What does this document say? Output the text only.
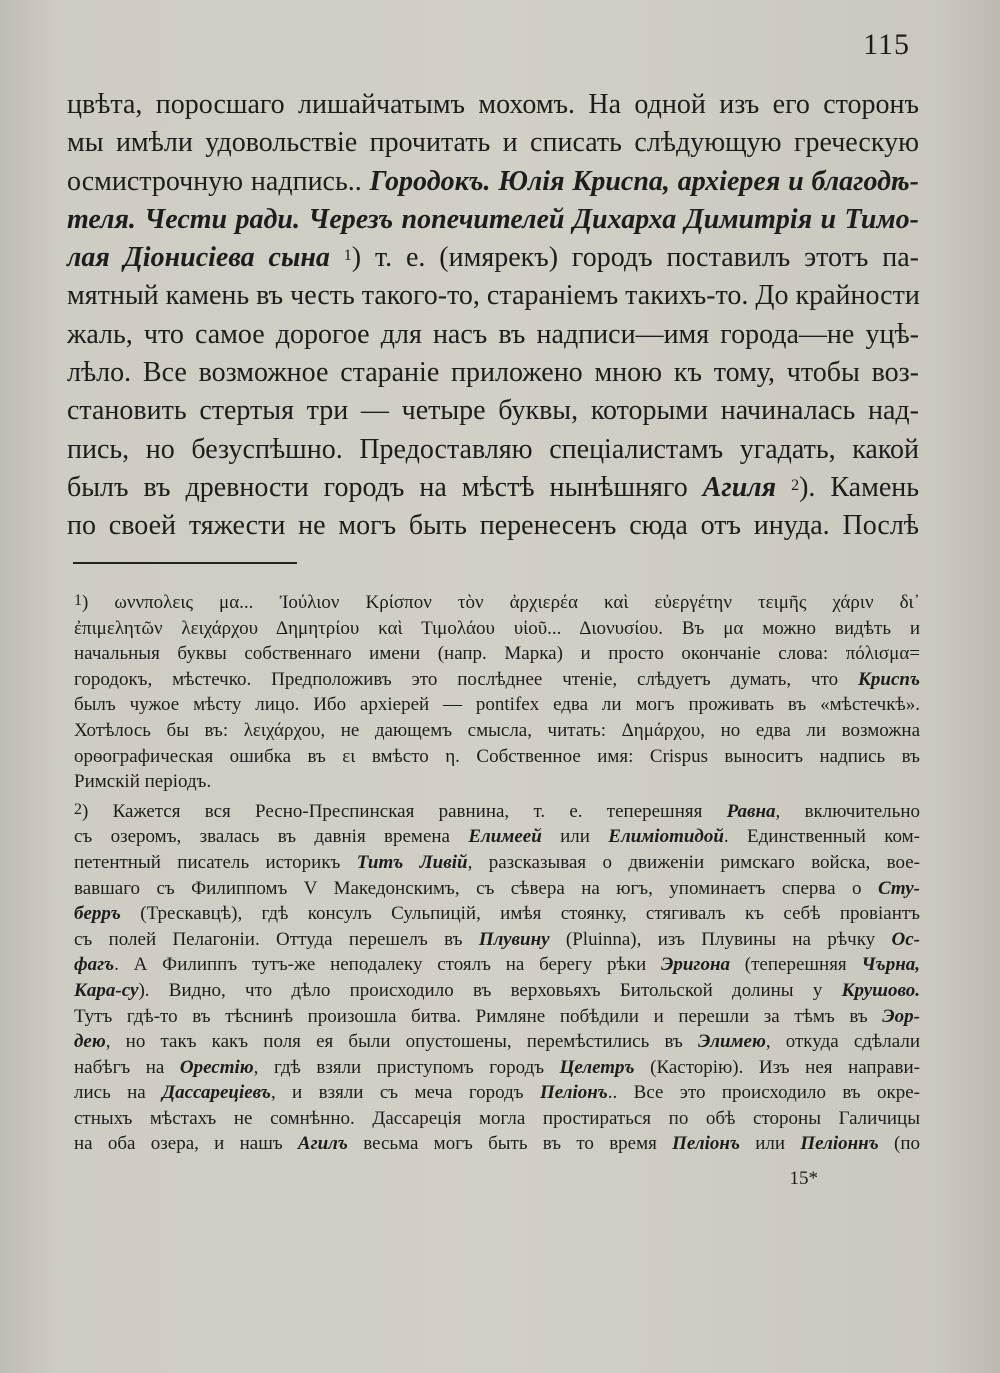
115
цвѣта, поросшаго лишайчатымъ мохомъ. На одной изъ его сторонъ
мы имѣли удовольствіе прочитать и списать слѣдующую греческую
осмистрочную надпись.. Городокъ. Юлія Криспа, архіерея и благодѣ-
теля. Чести ради. Черезъ попечителей Дихарха Димитрія и Тимо-
лая Діонисіева сына $^1$) т. е. (имярекъ) городъ поставилъ этотъ па-
мятный камень въ честь такого-то, стараніемъ такихъ-то. До крайности
жаль, что самое дорогое для насъ въ надписи—имя города—не уцѣ-
лѣло. Все возможное стараніе приложено мною къ тому, чтобы воз-
становить стертыя три — четыре буквы, которыми начиналась над-
пись, но безуспѣшно. Предоставляю спеціалистамъ угадать, какой
былъ въ древности городъ на мѣстѣ нынѣшняго Агиля $^2$). Камень
по своей тяжести не могъ быть перенесенъ сюда отъ инуда. Послѣ
$^1$) ωννπολεις μα... Ἰούλιον Κρίσπον τὸν ἀρχιερέα καὶ εὐεργέτην τειμῆς χάριν δι᾽
ἐπιμελητῶν λειχάρχου Δημητρίου καὶ Τιμολάου υἱοῦ... Διονυσίου. Въ μα можно видѣть и
начальныя буквы собственнаго имени (напр. Марка) и просто окончаніе слова: πόλισμα=
городокъ, мѣстечко. Предположивъ это послѣднее чтеніе, слѣдуетъ думать, что Криспъ
былъ чужое мѣсту лицо. Ибо архіерей — pontifex едва ли могъ проживать въ «мѣстечкѣ».
Хотѣлось бы въ: λειχάρχου, не дающемъ смысла, читать: Δημάρχου, но едва ли возможна
орѳографическая ошибка въ ει вмѣсто η. Собственное имя: Crispus выноситъ надпись въ
Римскій періодъ.
$^2$) Кажется вся Ресно-Преспинская равнина, т. е. теперешняя Равна, включительно
съ озеромъ, звалась въ давнія времена Елимеей или Елиміотидой. Единственный ком-
петентный писатель историкъ Титъ Ливій, разсказывая о движеніи римскаго войска, вое-
вавшаго съ Филиппомъ V Македонскимъ, съ сѣвера на югъ, упоминаетъ сперва о Сту-
берръ (Трескавцѣ), гдѣ консулъ Сульпицій, имѣя стоянку, стягивалъ къ себѣ провіантъ
съ полей Пелагоніи. Оттуда перешелъ въ Плувину (Pluinna), изъ Плувины на рѣчку Ос-
фагъ. А Филиппъ тутъ-же неподалеку стоялъ на берегу рѣки Эригона (теперешняя Чърна,
Кара-су). Видно, что дѣло происходило въ верховьяхъ Битольской долины у Крушово.
Тутъ гдѣ-то въ тѣснинѣ произошла битва. Римляне побѣдили и перешли за тѣмъ въ Эор-
дею, но такъ какъ поля ея были опустошены, перемѣстились въ Элимею, откуда сдѣлали
набѣгъ на Орестію, гдѣ взяли приступомъ городъ Целетръ (Касторію). Изъ нея направи-
лись на Дассарецiевъ, и взяли съ меча городъ Пеліонъ.. Все это происходило въ окре-
стныхъ мѣстахъ не сомнѣнно. Дассареція могла простираться по обѣ стороны Галичицы
на оба озера, и нашъ Агилъ весьма могъ быть въ то время Пеліонъ или Пеліоннъ (по
15*
